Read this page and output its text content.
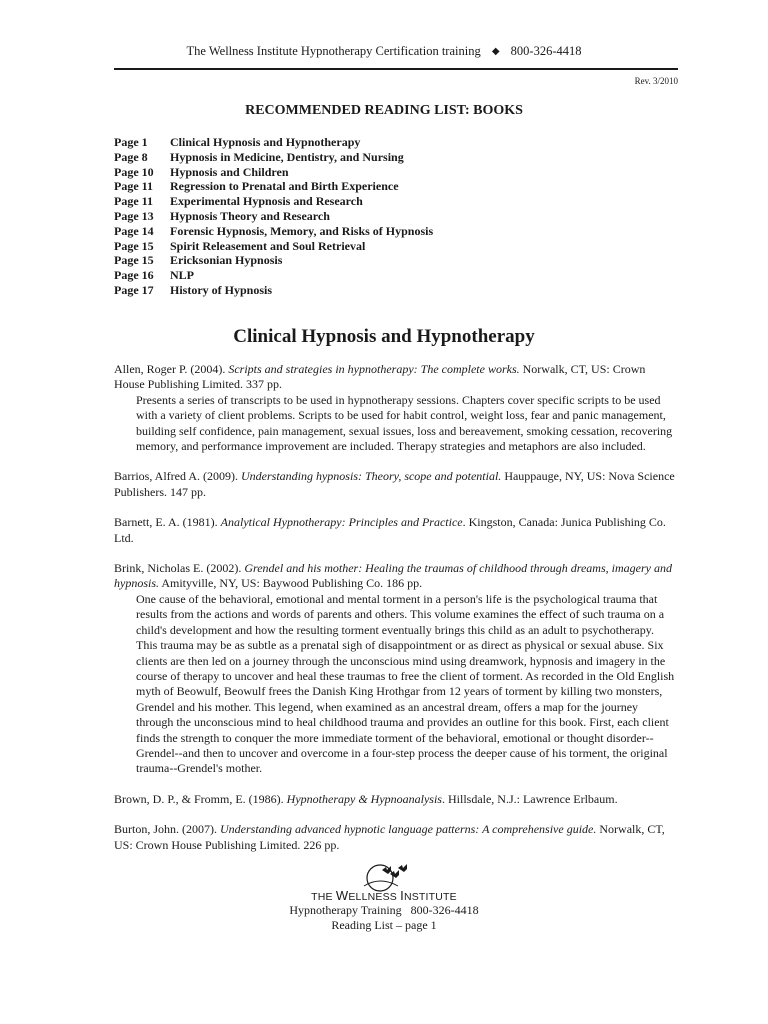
The Wellness Institute Hypnotherapy Certification training ◆ 800-326-4418
Rev. 3/2010
RECOMMENDED READING LIST: BOOKS
Page 1	Clinical Hypnosis and Hypnotherapy
Page 8	Hypnosis in Medicine, Dentistry, and Nursing
Page 10	Hypnosis and Children
Page 11	Regression to Prenatal and Birth Experience
Page 11	Experimental Hypnosis and Research
Page 13	Hypnosis Theory and Research
Page 14	Forensic Hypnosis, Memory, and Risks of Hypnosis
Page 15	Spirit Releasement and Soul Retrieval
Page 15	Ericksonian Hypnosis
Page 16	NLP
Page 17	History of Hypnosis
Clinical Hypnosis and Hypnotherapy
Allen, Roger P. (2004). Scripts and strategies in hypnotherapy: The complete works. Norwalk, CT, US: Crown House Publishing Limited. 337 pp.
Presents a series of transcripts to be used in hypnotherapy sessions. Chapters cover specific scripts to be used with a variety of client problems. Scripts to be used for habit control, weight loss, fear and panic management, building self confidence, pain management, sexual issues, loss and bereavement, smoking cessation, recovering memory, and performance improvement are included. Therapy strategies and metaphors are also included.
Barrios, Alfred A. (2009). Understanding hypnosis: Theory, scope and potential. Hauppauge, NY, US: Nova Science Publishers. 147 pp.
Barnett, E. A. (1981). Analytical Hypnotherapy: Principles and Practice. Kingston, Canada: Junica Publishing Co. Ltd.
Brink, Nicholas E. (2002). Grendel and his mother: Healing the traumas of childhood through dreams, imagery and hypnosis. Amityville, NY, US: Baywood Publishing Co. 186 pp.
One cause of the behavioral, emotional and mental torment in a person's life is the psychological trauma that results from the actions and words of parents and others. This volume examines the effect of such trauma on a child's development and how the resulting torment eventually brings this child as an adult to psychotherapy. This trauma may be as subtle as a prenatal sigh of disappointment or as direct as physical or sexual abuse. Six clients are then led on a journey through the unconscious mind using dreamwork, hypnosis and imagery in the course of therapy to uncover and heal these traumas to free the client of torment. As recorded in the Old English myth of Beowulf, Beowulf frees the Danish King Hrothgar from 12 years of torment by killing two monsters, Grendel and his mother. This legend, when examined as an ancestral dream, offers a map for the journey through the unconscious mind to heal childhood trauma and provides an outline for this book. First, each client finds the strength to conquer the more immediate torment of the behavioral, emotional or thought disorder--Grendel--and then to uncover and overcome in a four-step process the deeper cause of his torment, the original trauma--Grendel's mother.
Brown, D. P., & Fromm, E. (1986). Hypnotherapy & Hypnoanalysis. Hillsdale, N.J.: Lawrence Erlbaum.
Burton, John. (2007). Understanding advanced hypnotic language patterns: A comprehensive guide. Norwalk, CT, US: Crown House Publishing Limited. 226 pp.
THE WELLNESS INSTITUTE
Hypnotherapy Training   800-326-4418
Reading List – page 1
